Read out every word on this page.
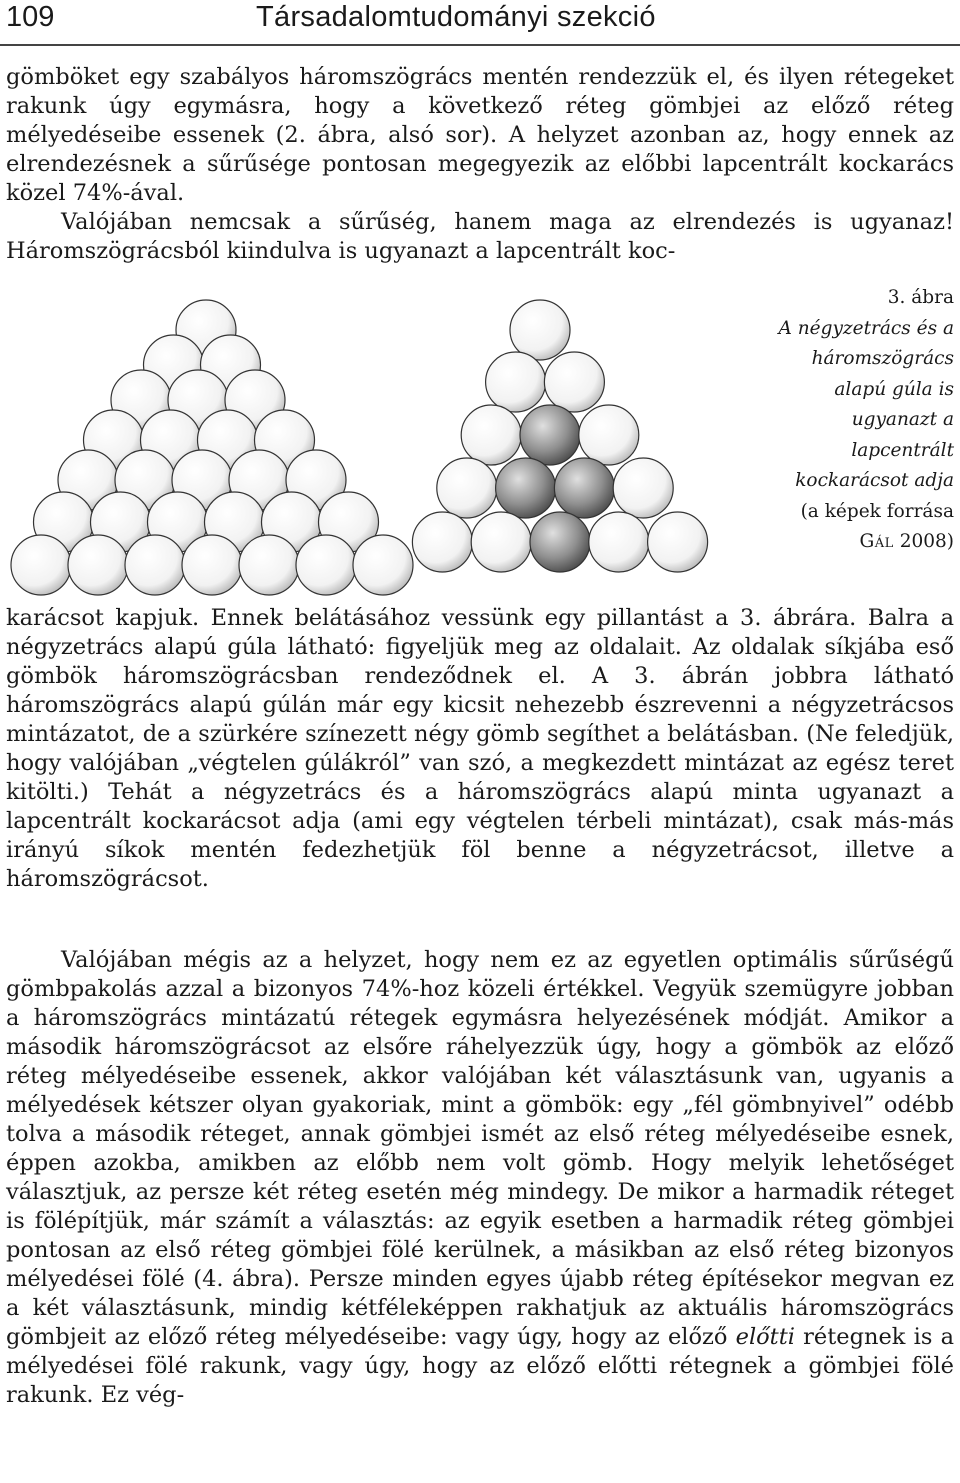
109	Társadalomtudományi szekció

gömböket egy szabályos háromszögrács mentén rendezzük el, és ilyen rétegeket rakunk úgy egymásra, hogy a következő réteg gömbjei az előző réteg mélyedéseibe essenek (2. ábra, alsó sor). A helyzet azonban az, hogy ennek az elrendezésnek a sűrűsége pontosan megegyezik az előbbi lapcentrált kockarács közel 74%-ával.
Valójában nemcsak a sűrűség, hanem maga az elrendezés is ugyanaz! Háromszögrácsból kiindulva is ugyanazt a lapcentrált koc-

3. ábra
A négyzetrács és a háromszögrács alapú gúla is ugyanazt a lapcentrált kockarácsot adja
(a képek forrása Gál 2008)

karácsot kapjuk. Ennek belátásához vessünk egy pillantást a 3. ábrára. Balra a négyzetrács alapú gúla látható: figyeljük meg az oldalait. Az oldalak síkjába eső gömbök háromszögrácsban rendeződnek el. A 3. ábrán jobbra látható háromszögrács alapú gúlán már egy kicsit nehezebb észrevenni a négyzetrácsos mintázatot, de a szürkére színezett négy gömb segíthet a belátásban. (Ne feledjük, hogy valójában „végtelen gúlákról” van szó, a megkezdett mintázat az egész teret kitölti.) Tehát a négyzetrács és a háromszögrács alapú minta ugyanazt a lapcentrált kockarácsot adja (ami egy végtelen térbeli mintázat), csak más-más irányú síkok mentén fedezhetjük föl benne a négyzetrácsot, illetve a háromszögrácsot.

Valójában mégis az a helyzet, hogy nem ez az egyetlen optimális sűrűségű gömbpakolás azzal a bizonyos 74%-hoz közeli értékkel. Vegyük szemügyre jobban a háromszögrács mintázatú rétegek egymásra helyezésének módját. Amikor a második háromszögrácsot az elsőre ráhelyezzük úgy, hogy a gömbök az előző réteg mélyedéseibe essenek, akkor valójában két választásunk van, ugyanis a mélyedések kétszer olyan gyakoriak, mint a gömbök: egy „fél gömbnyivel” odébb tolva a második réteget, annak gömbjei ismét az első réteg mélyedéseibe esnek, éppen azokba, amikben az előbb nem volt gömb. Hogy melyik lehetőséget választjuk, az persze két réteg esetén még mindegy. De mikor a harmadik réteget is fölépítjük, már számít a választás: az egyik esetben a harmadik réteg gömbjei pontosan az első réteg gömbjei fölé kerülnek, a másikban az első réteg bizonyos mélyedései fölé (4. ábra). Persze minden egyes újabb réteg építésekor megvan ez a két választásunk, mindig kétféleképpen rakhatjuk az aktuális háromszögrács gömbjeit az előző réteg mélyedéseibe: vagy úgy, hogy az előző előtti rétegnek is a mélyedései fölé rakunk, vagy úgy, hogy az előző előtti rétegnek a gömbjei fölé rakunk. Ez vég-
